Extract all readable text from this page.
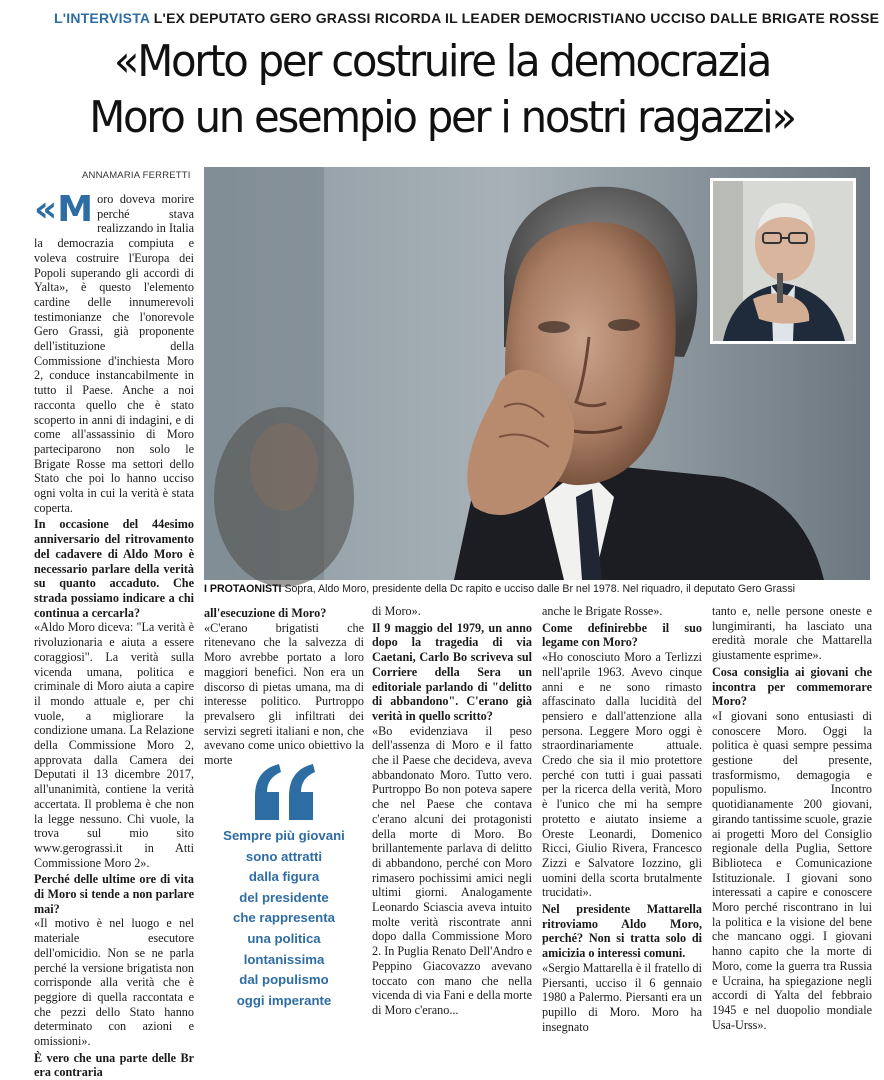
L'INTERVISTA L'EX DEPUTATO GERO GRASSI RICORDA IL LEADER DEMOCRISTIANO UCCISO DALLE BRIGATE ROSSE
«Morto per costruire la democrazia
Moro un esempio per i nostri ragazzi»
ANNAMARIA FERRETTI

«Moro doveva morire perché stava realizzando in Italia la democrazia compiuta e voleva costruire l'Europa dei Popoli superando gli accordi di Yalta», è questo l'elemento cardine delle innumerevoli testimonianze che l'onorevole Gero Grassi, già proponente dell'istituzione della Commissione d'inchiesta Moro 2, conduce instancabilmente in tutto il Paese. Anche a noi racconta quello che è stato scoperto in anni di indagini, e di come all'assassinio di Moro parteciparono non solo le Brigate Rosse ma settori dello Stato che poi lo hanno ucciso ogni volta in cui la verità è stata coperta.

In occasione del 44esimo anniversario del ritrovamento del cadavere di Aldo Moro è necessario parlare della verità su quanto accaduto. Che strada possiamo indicare a chi continua a cercarla?

«Aldo Moro diceva: "La verità è rivoluzionaria e aiuta a essere coraggiosi". La verità sulla vicenda umana, politica e criminale di Moro aiuta a capire il mondo attuale e, per chi vuole, a migliorare la condizione umana. La Relazione della Commissione Moro 2, approvata dalla Camera dei Deputati il 13 dicembre 2017, all'unanimità, contiene la verità accertata. Il problema è che non la legge nessuno. Chi vuole, la trova sul mio sito www.gerograssi.it in Atti Commissione Moro 2».

Perché delle ultime ore di vita di Moro si tende a non parlare mai?

«Il motivo è nel luogo e nel materiale esecutore dell'omicidio. Non se ne parla perché la versione brigatista non corrisponde alla verità che è peggiore di quella raccontata e che pezzi dello Stato hanno determinato con azioni e omissioni».

È vero che una parte delle Br era contraria

I PROTAONISTI Sopra, Aldo Moro, presidente della Dc rapito e ucciso dalle Br nel 1978. Nel riquadro, il deputato Gero Grassi

all'esecuzione di Moro?

«C'erano brigatisti che ritenevano che la salvezza di Moro avrebbe portato a loro maggiori benefici. Non era un discorso di pietas umana, ma di interesse politico. Purtroppo prevalsero gli infiltrati dei servizi segreti italiani e non, che avevano come unico obiettivo la morte

Sempre più giovani
sono attratti
dalla figura
del presidente
che rappresenta
una politica
lontanissima
dal populismo
oggi imperante

di Moro».

Il 9 maggio del 1979, un anno dopo la tragedia di via Caetani, Carlo Bo scriveva sul Corriere della Sera un editoriale parlando di "delitto di abbandono". C'erano già verità in quello scritto?

«Bo evidenziava il peso dell'assenza di Moro e il fatto che il Paese che decideva, aveva abbandonato Moro. Tutto vero. Purtroppo Bo non poteva sapere che nel Paese che contava c'erano alcuni dei protagonisti della morte di Moro. Bo brillantemente parlava di delitto di abbandono, perché con Moro rimasero pochissimi amici negli ultimi giorni. Analogamente Leonardo Sciascia aveva intuito molte verità riscontrate anni dopo dalla Commissione Moro 2. In Puglia Renato Dell'Andro e Peppino Giacovazzo avevano toccato con mano che nella vicenda di via Fani e della morte di Moro c'erano...

anche le Brigate Rosse».

Come definirebbe il suo legame con Moro?

«Ho conosciuto Moro a Terlizzi nell'aprile 1963. Avevo cinque anni e ne sono rimasto affascinato dalla lucidità del pensiero e dall'attenzione alla persona. Leggere Moro oggi è straordinariamente attuale. Credo che sia il mio protettore perché con tutti i guai passati per la ricerca della verità, Moro è l'unico che mi ha sempre protetto e aiutato insieme a Oreste Leonardi, Domenico Ricci, Giulio Rivera, Francesco Zizzi e Salvatore Iozzino, gli uomini della scorta brutalmente trucidati».

Nel presidente Mattarella ritroviamo Aldo Moro, perché? Non si tratta solo di amicizia o interessi comuni.

«Sergio Mattarella è il fratello di Piersanti, ucciso il 6 gennaio 1980 a Palermo. Piersanti era un pupillo di Moro. Moro ha insegnato

tanto e, nelle persone oneste e lungimiranti, ha lasciato una eredità morale che Mattarella giustamente esprime».

Cosa consiglia ai giovani che incontra per commemorare Moro?

«I giovani sono entusiasti di conoscere Moro. Oggi la politica è quasi sempre pessima gestione del presente, trasformismo, demagogia e populismo. Incontro quotidianamente 200 giovani, girando tantissime scuole, grazie ai progetti Moro del Consiglio regionale della Puglia, Settore Biblioteca e Comunicazione Istituzionale. I giovani sono interessati a capire e conoscere Moro perché riscontrano in lui la politica e la visione del bene che mancano oggi. I giovani hanno capito che la morte di Moro, come la guerra tra Russia e Ucraina, ha spiegazione negli accordi di Yalta del febbraio 1945 e nel duopolio mondiale Usa-Urss».
